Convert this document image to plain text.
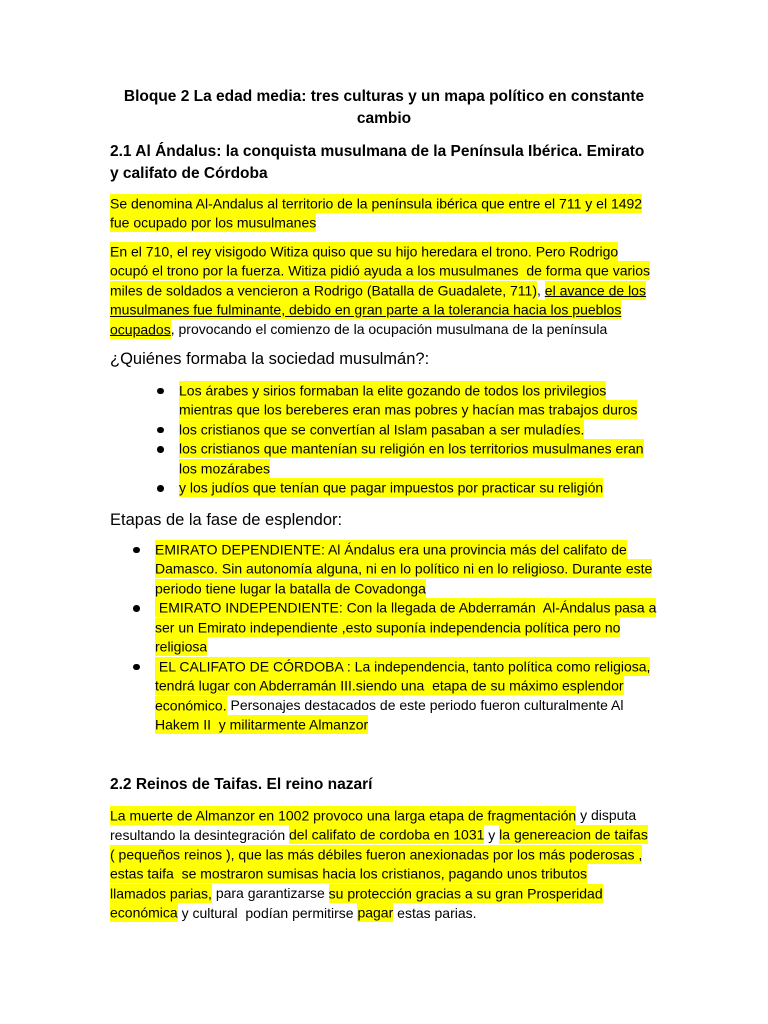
Bloque 2 La edad media: tres culturas y un mapa político en constante
cambio
2.1 Al Ándalus: la conquista musulmana de la Península Ibérica. Emirato
y califato de Córdoba
Se denomina Al-Andalus al territorio de la península ibérica que entre el 711 y el 1492
fue ocupado por los musulmanes
En el 710, el rey visigodo Witiza quiso que su hijo heredara el trono. Pero Rodrigo
ocupó el trono por la fuerza. Witiza pidió ayuda a los musulmanes  de forma que varios
miles de soldados a vencieron a Rodrigo (Batalla de Guadalete, 711), el avance de los
musulmanes fue fulminante, debido en gran parte a la tolerancia hacia los pueblos
ocupados, provocando el comienzo de la ocupación musulmana de la península
¿Quiénes formaba la sociedad musulmán?:
Los árabes y sirios formaban la elite gozando de todos los privilegios
mientras que los bereberes eran mas pobres y hacían mas trabajos duros
los cristianos que se convertían al Islam pasaban a ser muladíes.
los cristianos que mantenían su religión en los territorios musulmanes eran
los mozárabes
y los judíos que tenían que pagar impuestos por practicar su religión
Etapas de la fase de esplendor:
EMIRATO DEPENDIENTE: Al Ándalus era una provincia más del califato de
Damasco. Sin autonomía alguna, ni en lo político ni en lo religioso. Durante este
periodo tiene lugar la batalla de Covadonga
EMIRATO INDEPENDIENTE: Con la llegada de Abderramán  Al-Ándalus pasa a
ser un Emirato independiente ,esto suponía independencia política pero no
religiosa
EL CALIFATO DE CÓRDOBA : La independencia, tanto política como religiosa,
tendrá lugar con Abderramán III.siendo una  etapa de su máximo esplendor
económico. Personajes destacados de este periodo fueron culturalmente Al
Hakem II  y militarmente Almanzor
2.2 Reinos de Taifas. El reino nazarí
La muerte de Almanzor en 1002 provoco una larga etapa de fragmentación y disputa
resultando la desintegración del califato de cordoba en 1031 y la genereacion de taifas
( pequeños reinos ), que las más débiles fueron anexionadas por los más poderosas ,
estas taifa  se mostraron sumisas hacia los cristianos, pagando unos tributos
llamados parias, para garantizarse su protección gracias a su gran Prosperidad
económica y cultural  podían permitirse pagar estas parias.
